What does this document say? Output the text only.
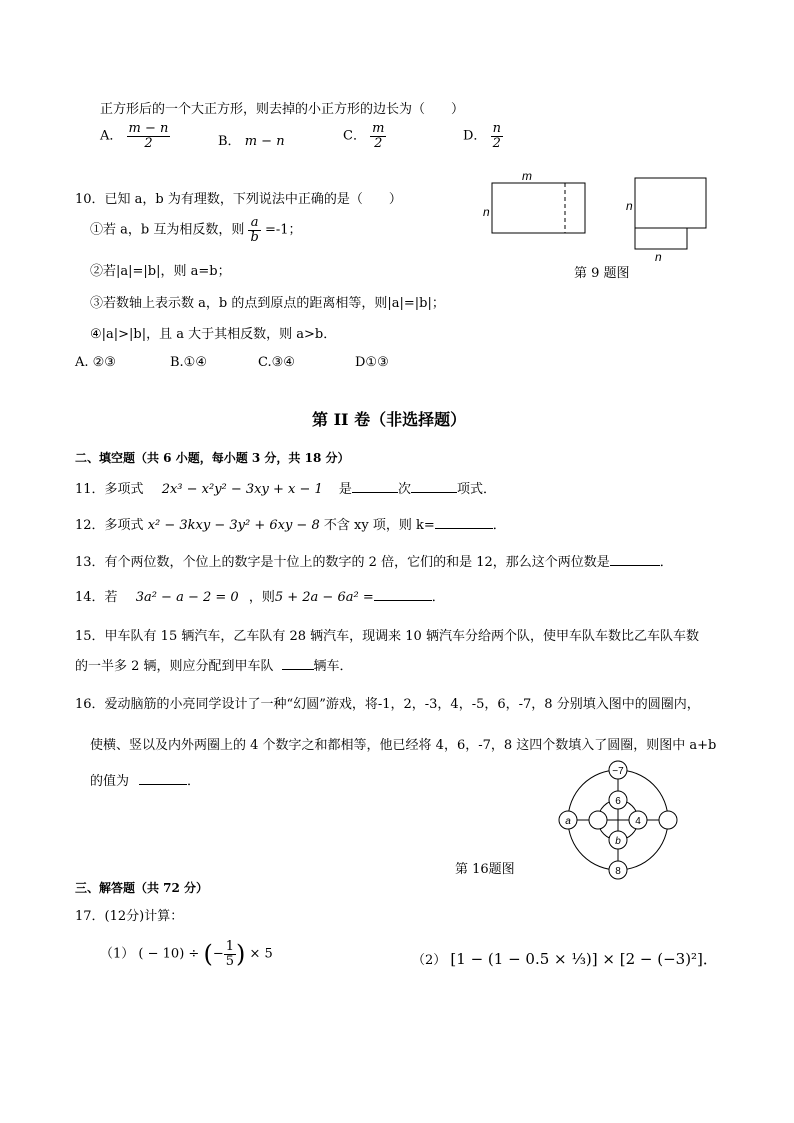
正方形后的一个大正方形，则去掉的小正方形的边长为（　　）
A． $\frac{m - n}{2}$	B． m − n	C． $\frac{m}{2}$	D． $\frac{n}{2}$
m
n	n
n
第 9 题图
10．已知 a，b 为有理数，下列说法中正确的是（　　）
①若 a，b 互为相反数，则 $\frac{a}{b} =-1$；
②若|a|=|b|，则 a=b；
③若数轴上表示数 a，b 的点到原点的距离相等，则|a|=|b|；
④|a|>|b|，且 a 大于其相反数，则 a>b．
A. ②③	B.①④	C.③④	D①③
第 II 卷（非选择题）
二、填空题（共 6 小题，每小题 3 分，共 18 分）
11．多项式 2x³ − x²y² − 3xy + x − 1 是	次	项式．
12．多项式 x² − 3kxy − 3y² + 6xy − 8 不含 xy 项，则 k=	．
13．有个两位数，个位上的数字是十位上的数字的 2 倍，它们的和是 12，那么这个两位数是	．
14．若 3a² − a − 2 = 0 ，则5 + 2a − 6a² =	．
15．甲车队有 15 辆汽车，乙车队有 28 辆汽车，现调来 10 辆汽车分给两个队，使甲车队车数比乙车队车数
的一半多 2 辆，则应分配到甲车队	辆车．
16．爱动脑筋的小亮同学设计了一种“幻圆”游戏，将-1，2，-3，4，-5，6，-7，8 分别填入图中的圆圈内，
使横、竖以及内外两圈上的 4 个数字之和都相等，他已经将 4，6，-7，8 这四个数填入了圆圈，则图中 a+b
的值为	．
−7
8
a	4
6
b
第 16题图
三、解答题（共 72 分）
17．(12分)计算：
（1） ( − 10) ÷ (− $\frac{1}{5}$ ) × 5	（2） [1 − (1 − 0.5 × ⅓)] × [2 − (−3)²]．
